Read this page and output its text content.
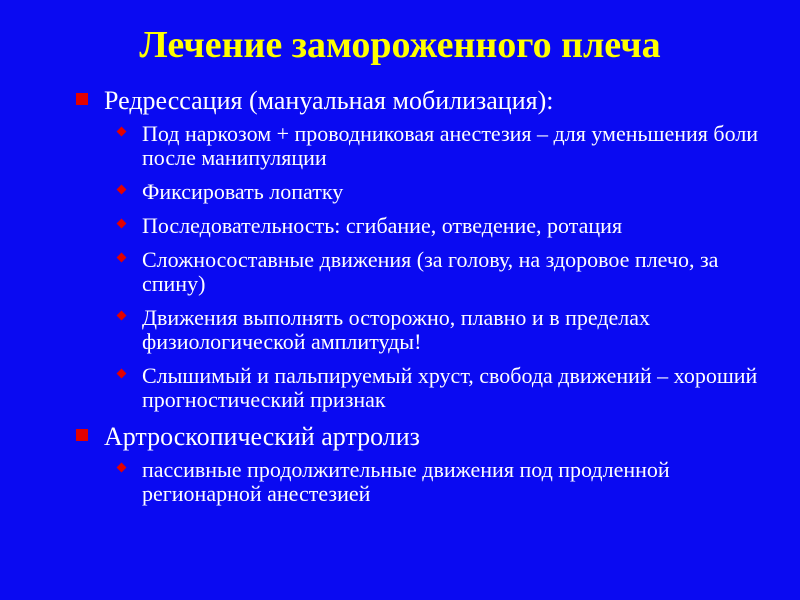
Лечение замороженного плеча
Редрессация (мануальная мобилизация):
Под наркозом + проводниковая анестезия – для уменьшения боли после манипуляции
Фиксировать лопатку
Последовательность: сгибание, отведение, ротация
Сложносоставные движения (за голову, на здоровое плечо, за спину)
Движения выполнять осторожно, плавно и в пределах физиологической амплитуды!
Слышимый и пальпируемый хруст, свобода движений – хороший прогностический признак
Артроскопический артролиз
пассивные продолжительные движения под продленной регионарной анестезией
